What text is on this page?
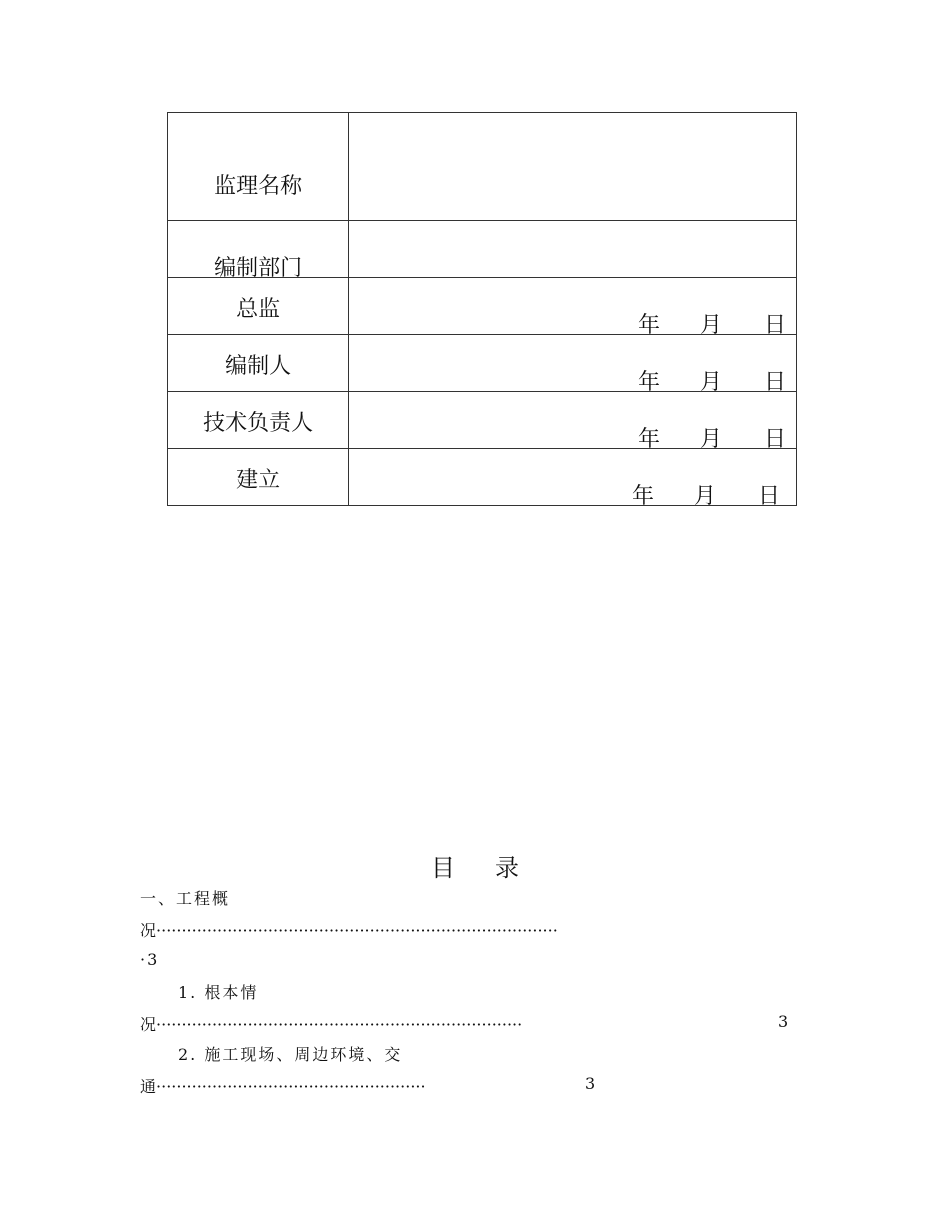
监理名称	

编制部门	

总监	年 月 日

编制人	年 月 日

技术负责人	年 月 日

建立	年 月 日
目录
一、工程概
况···············································································
·3
1. 根本情
况········································································	3
2. 施工现场、周边环境、交
通·····················································	3
